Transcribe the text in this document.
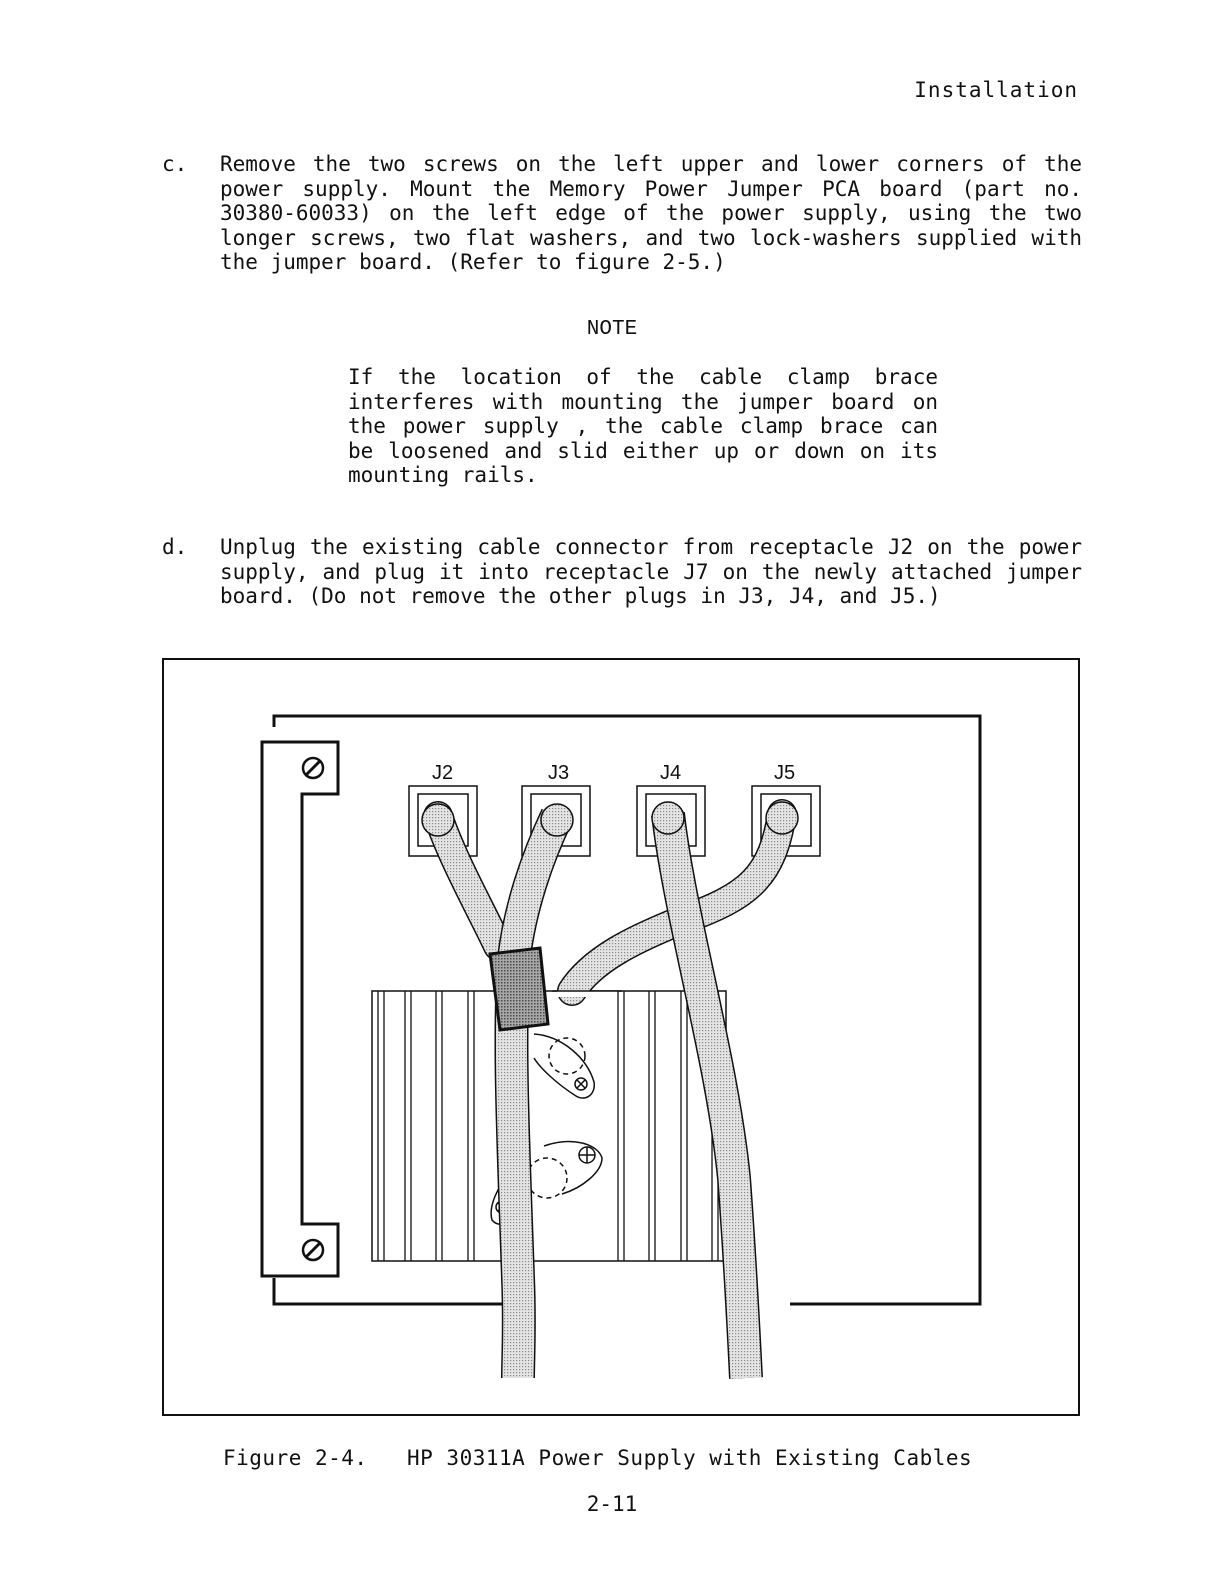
Installation
c. Remove the two screws on the left upper and lower corners of the power supply. Mount the Memory Power Jumper PCA board (part no. 30380-60033) on the left edge of the power supply, using the two longer screws, two flat washers, and two lock-washers supplied with the jumper board. (Refer to figure 2-5.)
NOTE
If the location of the cable clamp brace interferes with mounting the jumper board on the power supply , the cable clamp brace can be loosened and slid either up or down on its mounting rails.
d. Unplug the existing cable connector from receptacle J2 on the power supply, and plug it into receptacle J7 on the newly attached jumper board. (Do not remove the other plugs in J3, J4, and J5.)
J2	J3	J4	J5
Figure 2-4.   HP 30311A Power Supply with Existing Cables
2-11
